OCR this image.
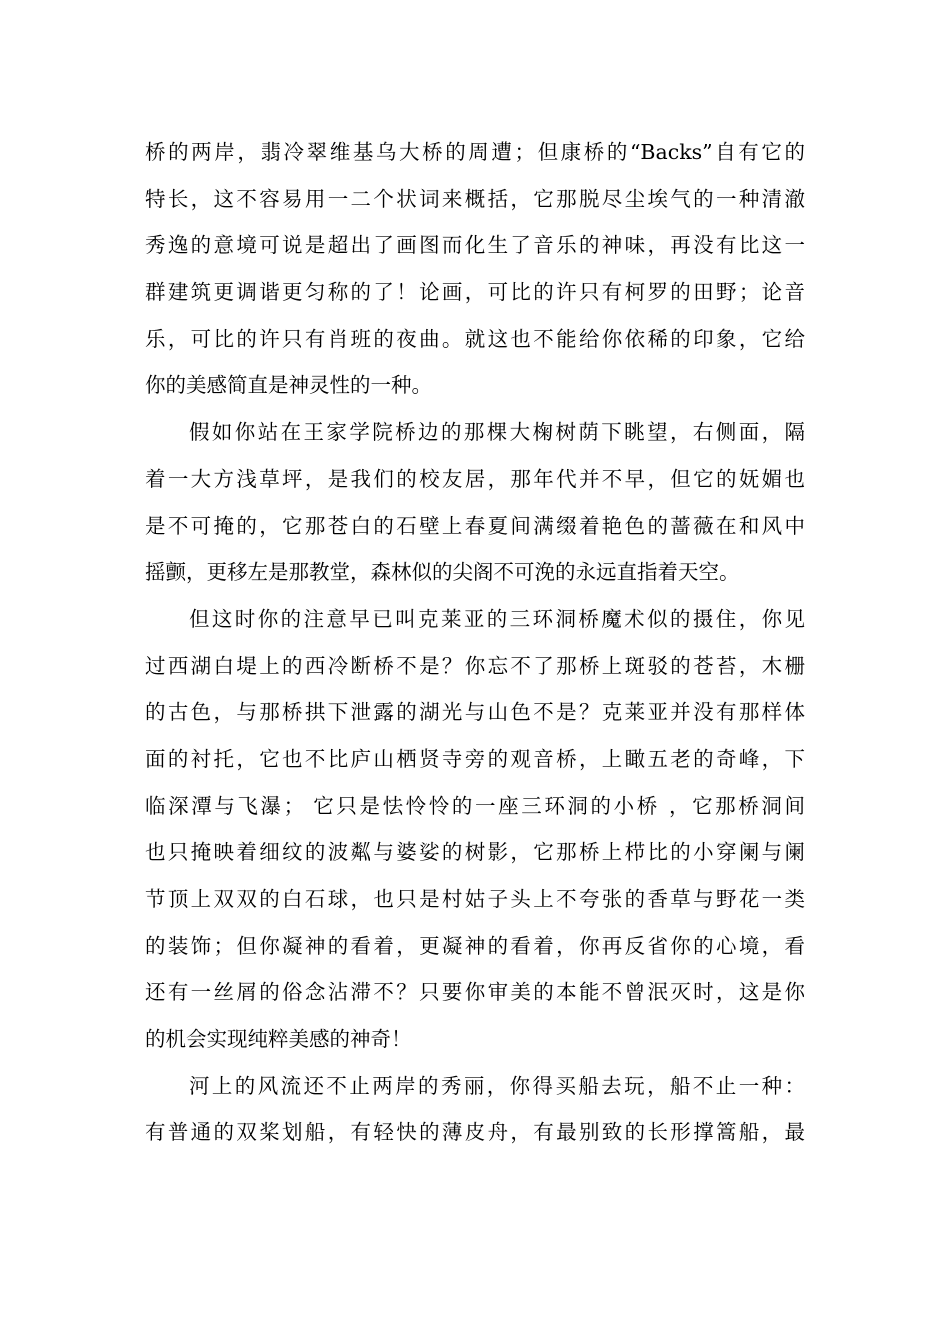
桥的两岸，翡冷翠维基乌大桥的周遭；但康桥的“Backs”自有它的
特长，这不容易用一二个状词来概括，它那脱尽尘埃气的一种清澈
秀逸的意境可说是超出了画图而化生了音乐的神味，再没有比这一
群建筑更调谐更匀称的了！论画，可比的许只有柯罗的田野；论音
乐，可比的许只有肖班的夜曲。就这也不能给你依稀的印象，它给
你的美感简直是神灵性的一种。
假如你站在王家学院桥边的那棵大椈树荫下眺望，右侧面，隔
着一大方浅草坪，是我们的校友居，那年代并不早，但它的妩媚也
是不可掩的，它那苍白的石壁上春夏间满缀着艳色的蔷薇在和风中
摇颤，更移左是那教堂，森林似的尖阁不可浼的永远直指着天空。
但这时你的注意早已叫克莱亚的三环洞桥魔术似的摄住，你见
过西湖白堤上的西冷断桥不是？你忘不了那桥上斑驳的苍苔，木栅
的古色，与那桥拱下泄露的湖光与山色不是？克莱亚并没有那样体
面的衬托，它也不比庐山栖贤寺旁的观音桥，上瞰五老的奇峰，下
临深潭与飞瀑； 它只是怯怜怜的一座三环洞的小桥 ，它那桥洞间
也只掩映着细纹的波粼与婆娑的树影，它那桥上栉比的小穿阑与阑
节顶上双双的白石球，也只是村姑子头上不夸张的香草与野花一类
的装饰；但你凝神的看着，更凝神的看着，你再反省你的心境，看
还有一丝屑的俗念沾滞不？只要你审美的本能不曾泯灭时，这是你
的机会实现纯粹美感的神奇！
河上的风流还不止两岸的秀丽，你得买船去玩，船不止一种：
有普通的双桨划船，有轻快的薄皮舟，有最别致的长形撑篙船，最
